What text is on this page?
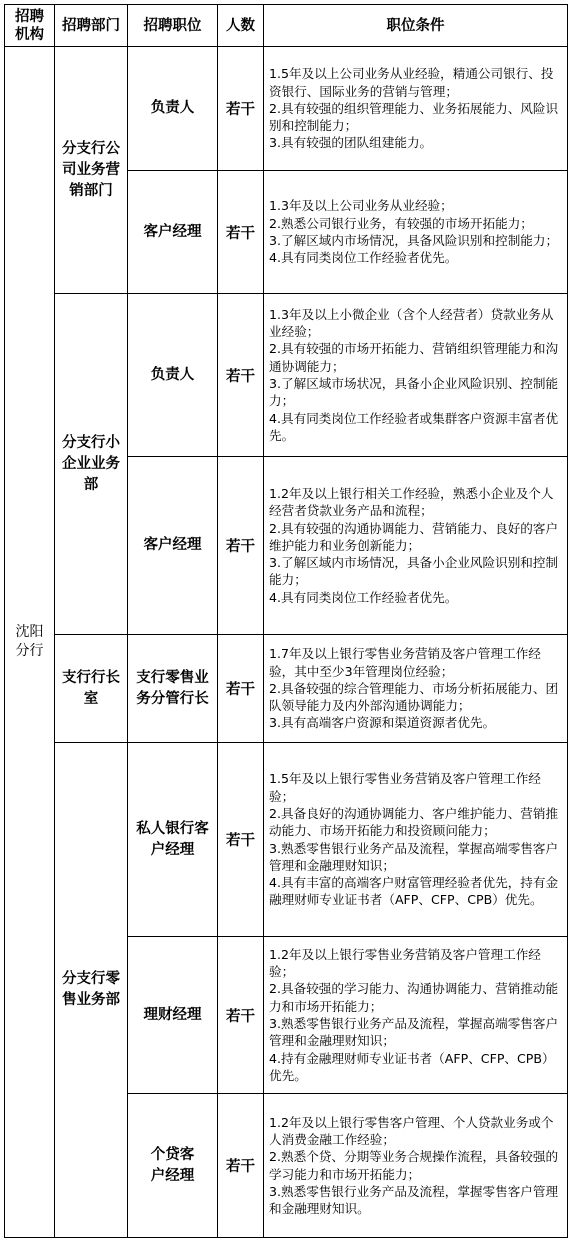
招聘机构	招聘部门	招聘职位	人数	职位条件
沈阳分行	分支行公司业务营销部门	负责人	若干	1.5年及以上公司业务从业经验，精通公司银行、投资银行、国际业务的营销与管理；
2.具有较强的组织管理能力、业务拓展能力、风险识别和控制能力；
3.具有较强的团队组建能力。

		客户经理	若干	1.3年及以上公司业务从业经验；
2.熟悉公司银行业务，有较强的市场开拓能力；
3.了解区域内市场情况，具备风险识别和控制能力；
4.具有同类岗位工作经验者优先。

	分支行小企业业务部	负责人	若干	1.3年及以上小微企业（含个人经营者）贷款业务从业经验；
2.具有较强的市场开拓能力、营销组织管理能力和沟通协调能力；
3.了解区域市场状况，具备小企业风险识别、控制能力；
4.具有同类岗位工作经验者或集群客户资源丰富者优先。

		客户经理	若干	1.2年及以上银行相关工作经验，熟悉小企业及个人经营者贷款业务产品和流程；
2.具有较强的沟通协调能力、营销能力、良好的客户维护能力和业务创新能力；
3.了解区域内市场情况，具备小企业风险识别和控制能力；
4.具有同类岗位工作经验者优先。

	支行行长室	支行零售业务分管行长	若干	1.7年及以上银行零售业务营销及客户管理工作经验，其中至少3年管理岗位经验；
2.具备较强的综合管理能力、市场分析拓展能力、团队领导能力及内外部沟通协调能力；
3.具有高端客户资源和渠道资源者优先。

	分支行零售业务部	私人银行客户经理	若干	1.5年及以上银行零售业务营销及客户管理工作经验；
2.具备良好的沟通协调能力、客户维护能力、营销推动能力、市场开拓能力和投资顾问能力；
3.熟悉零售银行业务产品及流程，掌握高端零售客户管理和金融理财知识；
4.具有丰富的高端客户财富管理经验者优先，持有金融理财师专业证书者（AFP、CFP、CPB）优先。

		理财经理	若干	1.2年及以上银行零售业务营销及客户管理工作经验；
2.具备较强的学习能力、沟通协调能力、营销推动能力和市场开拓能力；
3.熟悉零售银行业务产品及流程，掌握高端零售客户管理和金融理财知识；
4.持有金融理财师专业证书者（AFP、CFP、CPB）优先。

		个贷客户经理	若干	1.2年及以上银行零售客户管理、个人贷款业务或个人消费金融工作经验；
2.熟悉个贷、分期等业务合规操作流程，具备较强的学习能力和市场开拓能力；
3.熟悉零售银行业务产品及流程，掌握零售客户管理和金融理财知识。
